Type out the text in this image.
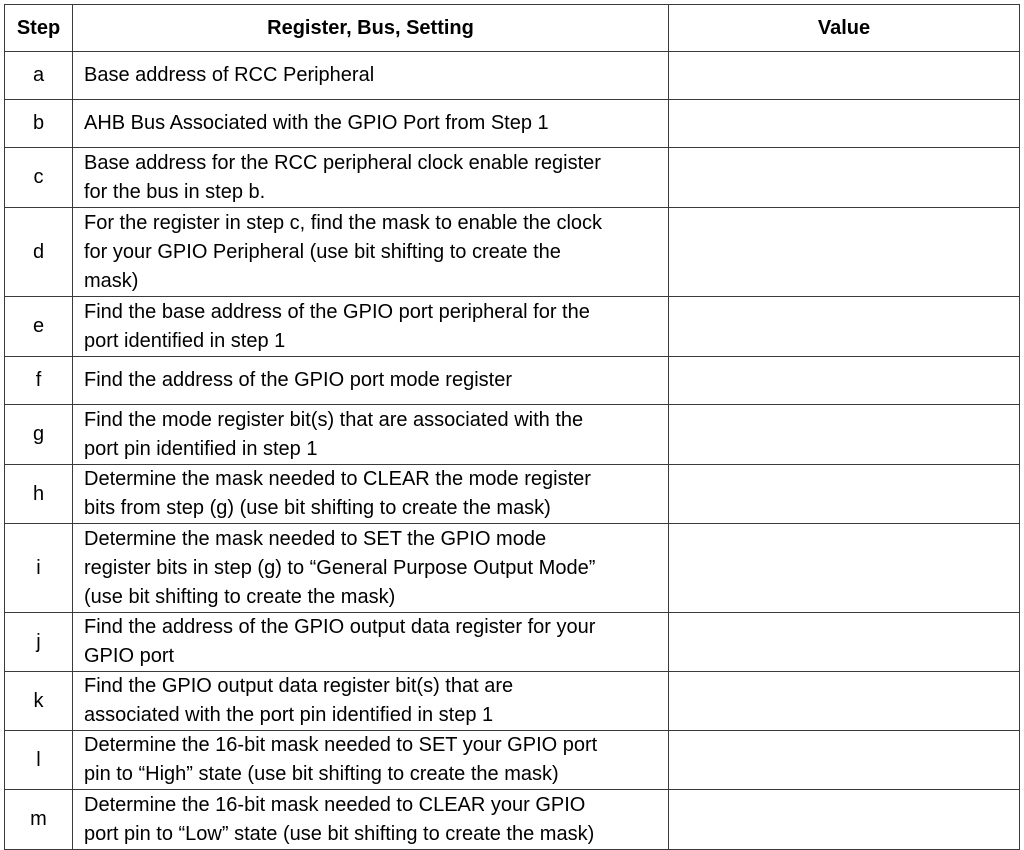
Step	Register, Bus, Setting	Value
a	Base address of RCC Peripheral	

b	AHB Bus Associated with the GPIO Port from Step 1	

c	Base address for the RCC peripheral clock enable register
for the bus in step b.	

d	For the register in step c, find the mask to enable the clock
for your GPIO Peripheral (use bit shifting to create the
mask)	

e	Find the base address of the GPIO port peripheral for the
port identified in step 1	

f	Find the address of the GPIO port mode register	

g	Find the mode register bit(s) that are associated with the
port pin identified in step 1	

h	Determine the mask needed to CLEAR the mode register
bits from step (g) (use bit shifting to create the mask)	

i	Determine the mask needed to SET the GPIO mode
register bits in step (g) to “General Purpose Output Mode”
(use bit shifting to create the mask)	

j	Find the address of the GPIO output data register for your
GPIO port	

k	Find the GPIO output data register bit(s) that are
associated with the port pin identified in step 1	

l	Determine the 16-bit mask needed to SET your GPIO port
pin to “High” state (use bit shifting to create the mask)	

m	Determine the 16-bit mask needed to CLEAR your GPIO
port pin to “Low” state (use bit shifting to create the mask)	
